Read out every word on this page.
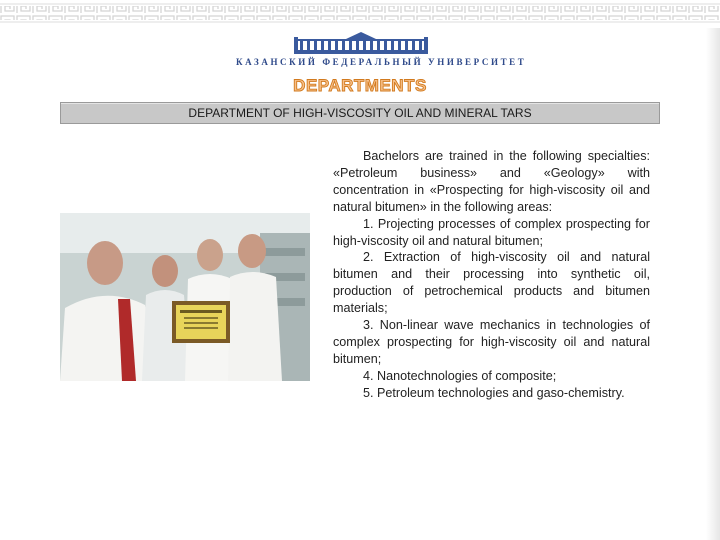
КАЗАНСКИЙ ФЕДЕРАЛЬНЫЙ УНИВЕРСИТЕТ
DEPARTMENTS
DEPARTMENT OF HIGH-VISCOSITY OIL AND MINERAL TARS

Bachelors are trained in the following specialties: «Petroleum business» and «Geology» with concentration in «Prospecting for high-viscosity oil and natural bitumen» in the following areas:

1. Projecting processes of complex prospecting for high-viscosity oil and natural bitumen;

2. Extraction of high-viscosity oil and natural bitumen and their processing into synthetic oil, production of petrochemical products and bitumen materials;

3. Non-linear wave mechanics in technologies of complex prospecting for high-viscosity oil and natural bitumen;

4. Nanotechnologies of composite;

5. Petroleum technologies and gaso-chemistry.
